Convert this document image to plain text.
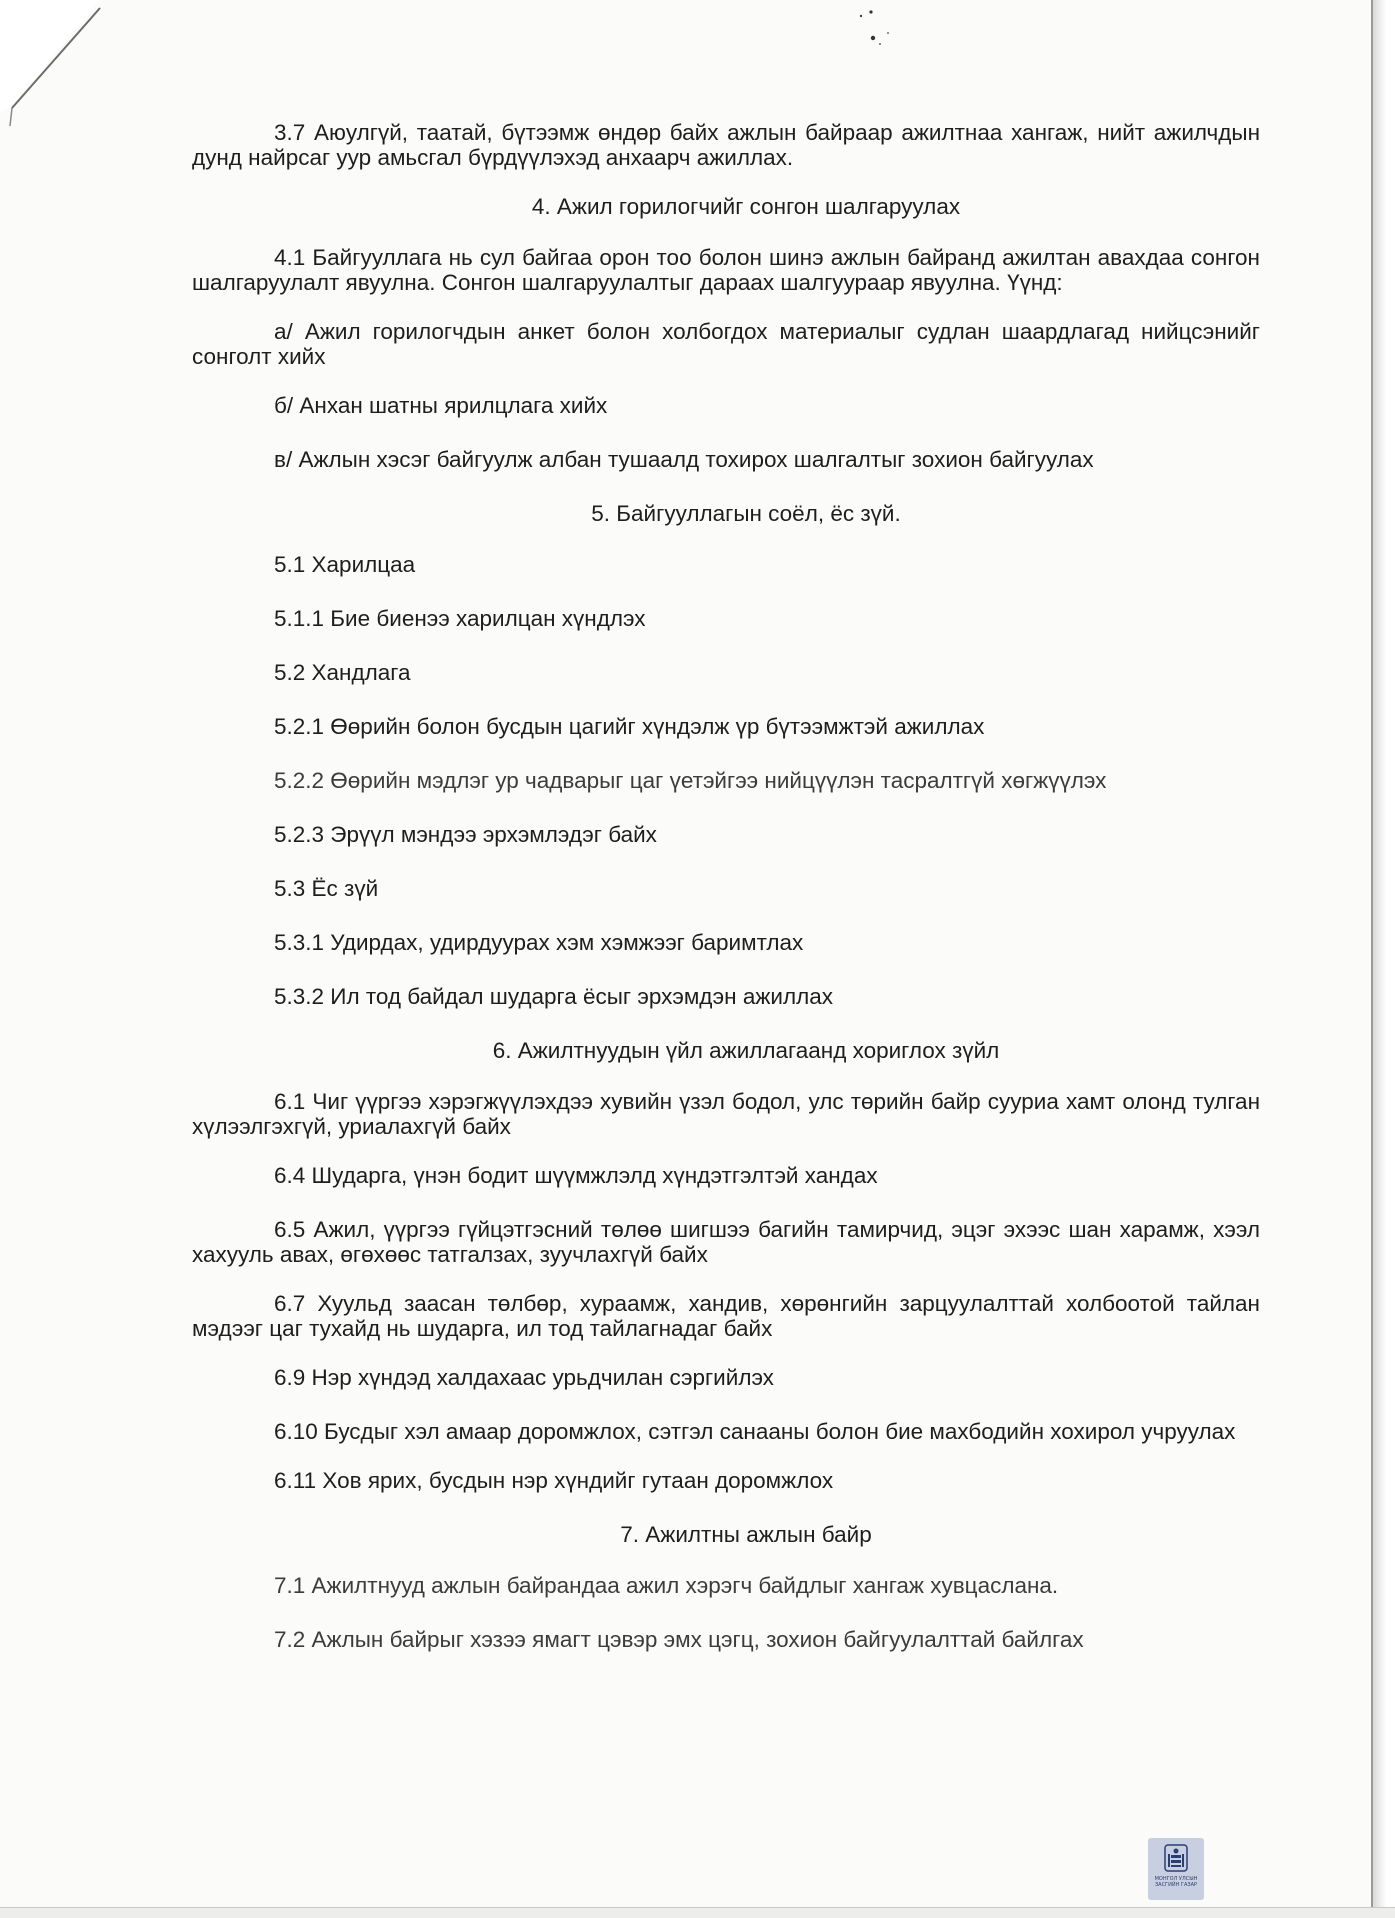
3.7 Аюулгүй, таатай, бүтээмж өндөр байх ажлын байраар ажилтнаа хангаж, нийт ажилчдын дунд найрсаг уур амьсгал бүрдүүлэхэд анхаарч ажиллах.

4. Ажил горилогчийг сонгон шалгаруулах

4.1 Байгууллага нь сул байгаа орон тоо болон шинэ ажлын байранд ажилтан авахдаа сонгон шалгаруулалт явуулна. Сонгон шалгаруулалтыг дараах шалгуураар явуулна. Үүнд:

а/ Ажил горилогчдын анкет болон холбогдох материалыг судлан шаардлагад нийцсэнийг сонголт хийх

б/ Анхан шатны ярилцлага хийх

в/ Ажлын хэсэг байгуулж албан тушаалд тохирох шалгалтыг зохион байгуулах

5. Байгууллагын соёл, ёс зүй.

5.1 Харилцаа

5.1.1 Бие биенээ харилцан хүндлэх

5.2 Хандлага

5.2.1 Өөрийн болон бусдын цагийг хүндэлж үр бүтээмжтэй ажиллах

5.2.2 Өөрийн мэдлэг ур чадварыг цаг үетэйгээ нийцүүлэн тасралтгүй хөгжүүлэх

5.2.3 Эрүүл мэндээ эрхэмлэдэг байх

5.3 Ёс зүй

5.3.1 Удирдах, удирдуурах хэм хэмжээг баримтлах

5.3.2 Ил тод байдал шударга ёсыг эрхэмдэн ажиллах

6. Ажилтнуудын үйл ажиллагаанд хориглох зүйл

6.1 Чиг үүргээ хэрэгжүүлэхдээ хувийн үзэл бодол, улс төрийн байр сууриа хамт олонд тулган хүлээлгэхгүй, уриалахгүй байх

6.4 Шударга, үнэн бодит шүүмжлэлд хүндэтгэлтэй хандах

6.5 Ажил, үүргээ гүйцэтгэсний төлөө шигшээ багийн тамирчид, эцэг эхээс шан харамж, хээл хахууль авах, өгөхөөс татгалзах, зуучлахгүй байх

6.7 Хуульд заасан төлбөр, хураамж, хандив, хөрөнгийн зарцуулалттай холбоотой тайлан мэдээг цаг тухайд нь шударга, ил тод тайлагнадаг байх

6.9 Нэр хүндэд халдахаас урьдчилан сэргийлэх

6.10 Бусдыг хэл амаар доромжлох, сэтгэл санааны болон бие махбодийн хохирол учруулах

6.11 Хов ярих, бусдын нэр хүндийг гутаан доромжлох

7. Ажилтны ажлын байр

7.1 Ажилтнууд ажлын байрандаа ажил хэрэгч байдлыг хангаж хувцаслана.

7.2 Ажлын байрыг хэзээ ямагт цэвэр эмх цэгц, зохион байгуулалттай байлгах

МОНГОЛ УЛСЫН
ЗАСГИЙН ГАЗАР
